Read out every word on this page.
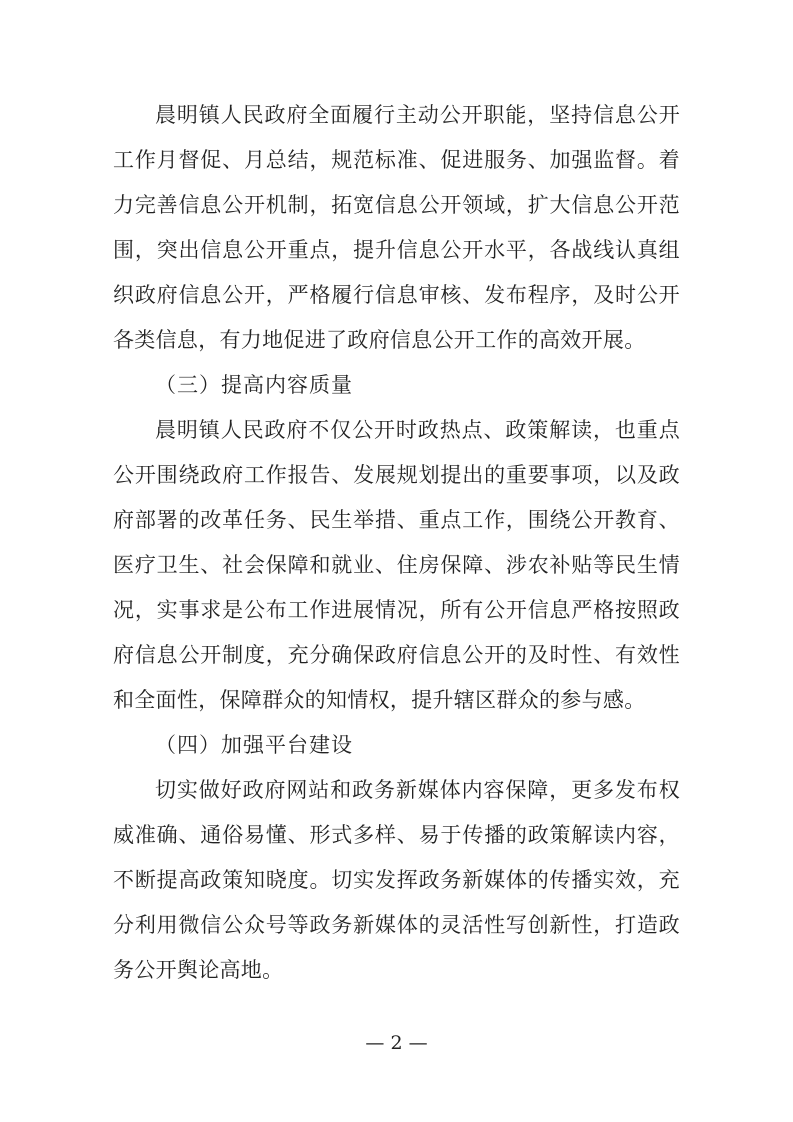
晨明镇人民政府全面履行主动公开职能，坚持信息公开工作月督促、月总结，规范标准、促进服务、加强监督。着力完善信息公开机制，拓宽信息公开领域，扩大信息公开范围，突出信息公开重点，提升信息公开水平，各战线认真组织政府信息公开，严格履行信息审核、发布程序，及时公开各类信息，有力地促进了政府信息公开工作的高效开展。

（三）提高内容质量

晨明镇人民政府不仅公开时政热点、政策解读，也重点公开围绕政府工作报告、发展规划提出的重要事项，以及政府部署的改革任务、民生举措、重点工作，围绕公开教育、医疗卫生、社会保障和就业、住房保障、涉农补贴等民生情况，实事求是公布工作进展情况，所有公开信息严格按照政府信息公开制度，充分确保政府信息公开的及时性、有效性和全面性，保障群众的知情权，提升辖区群众的参与感。

（四）加强平台建设

切实做好政府网站和政务新媒体内容保障，更多发布权威准确、通俗易懂、形式多样、易于传播的政策解读内容，不断提高政策知晓度。切实发挥政务新媒体的传播实效，充分利用微信公众号等政务新媒体的灵活性写创新性，打造政务公开舆论高地。

— 2 —
